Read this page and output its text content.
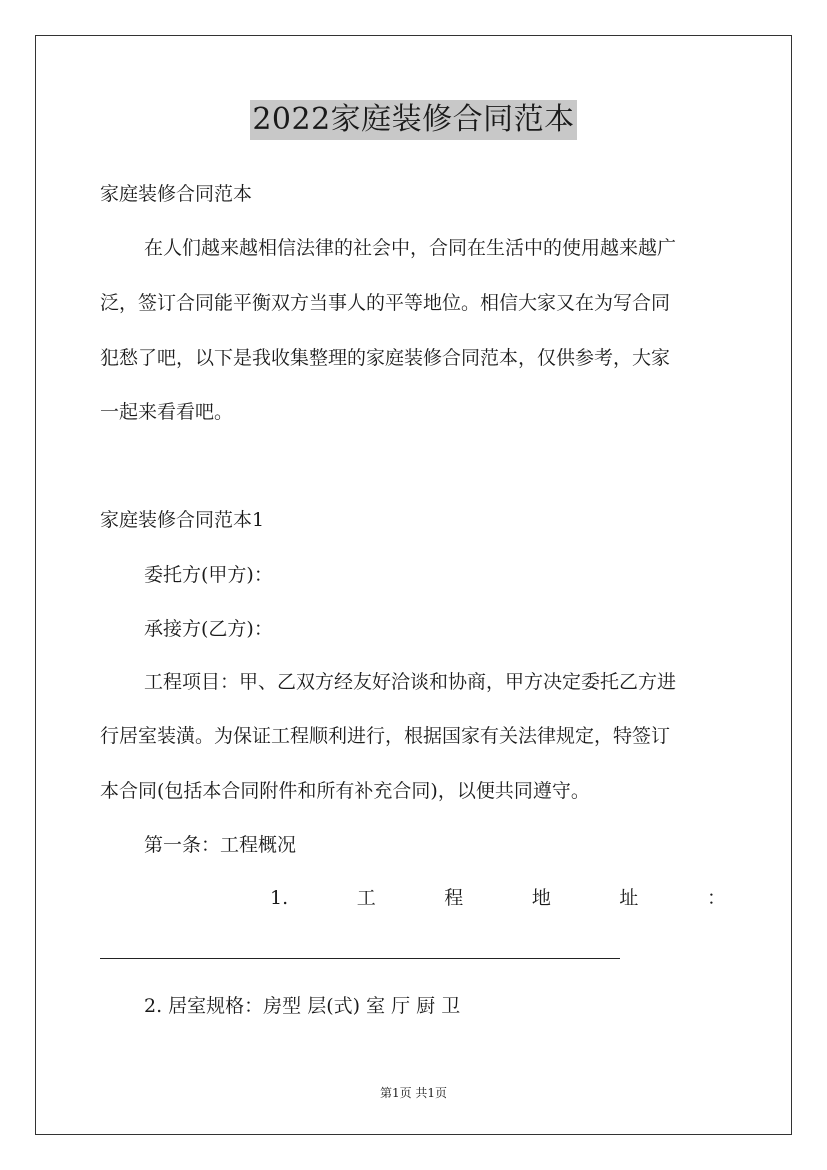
2022家庭装修合同范本
家庭装修合同范本
在人们越来越相信法律的社会中，合同在生活中的使用越来越广
泛，签订合同能平衡双方当事人的平等地位。相信大家又在为写合同
犯愁了吧，以下是我收集整理的家庭装修合同范本，仅供参考，大家
一起来看看吧。
家庭装修合同范本1
委托方(甲方)：
承接方(乙方)：
工程项目：甲、乙双方经友好洽谈和协商，甲方决定委托乙方进
行居室装潢。为保证工程顺利进行，根据国家有关法律规定，特签订
本合同(包括本合同附件和所有补充合同)，以便共同遵守。
第一条：工程概况
1.	工	程	地	址	：
2. 居室规格：房型 层(式) 室 厅 厨 卫
第1页 共1页
